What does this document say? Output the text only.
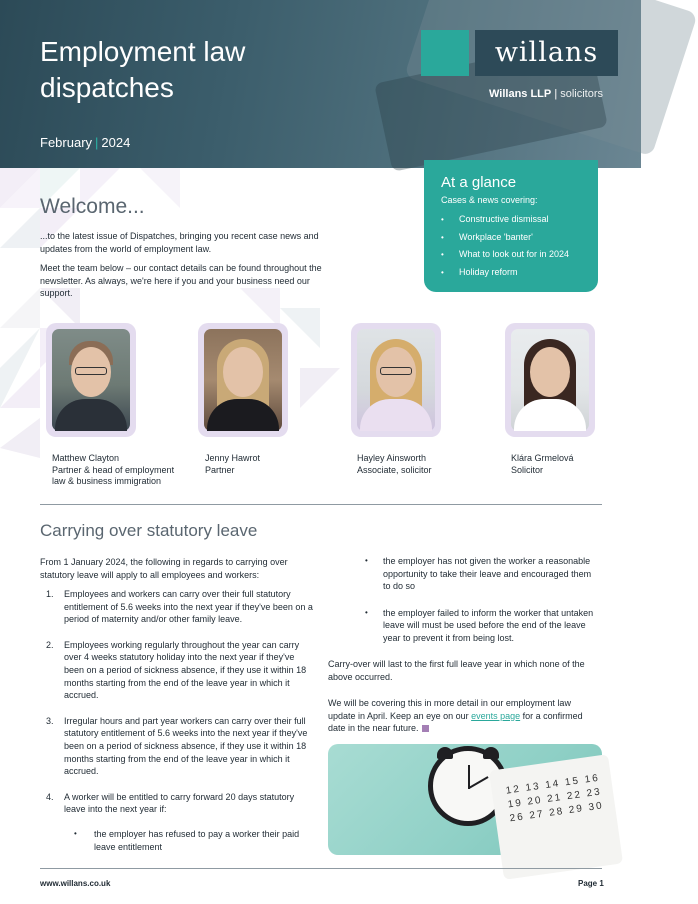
Employment law
dispatches
February | 2024
willans
Willans LLP | solicitors
At a glance
Cases & news covering:
• Constructive dismissal
• Workplace 'banter'
• What to look out for in 2024
• Holiday reform
Welcome...

...to the latest issue of Dispatches, bringing you recent case news and updates from the world of employment law.

Meet the team below – our contact details can be found throughout the newsletter. As always, we're here if you and your business need our support.

Matthew Clayton
Partner & head of employment law & business immigration
Jenny Hawrot
Partner
Hayley Ainsworth
Associate, solicitor
Klára Grmelová
Solicitor
Carrying over statutory leave

From 1 January 2024, the following in regards to carrying over statutory leave will apply to all employees and workers:

1. Employees and workers can carry over their full statutory entitlement of 5.6 weeks into the next year if they've been on a period of maternity and/or other family leave.
2. Employees working regularly throughout the year can carry over 4 weeks statutory holiday into the next year if they've been on a period of sickness absence, if they use it within 18 months starting from the end of the leave year in which it accrued.
3. Irregular hours and part year workers can carry over their full statutory entitlement of 5.6 weeks into the next year if they've been on a period of sickness absence, if they use it within 18 months starting from the end of the leave year in which it accrued.
4. A worker will be entitled to carry forward 20 days statutory leave into the next year if:
• the employer has refused to pay a worker their paid leave entitlement
• the employer has not given the worker a reasonable opportunity to take their leave and encouraged them to do so
• the employer failed to inform the worker that untaken leave will must be used before the end of the leave year to prevent it from being lost.

Carry-over will last to the first full leave year in which none of the above occurred.

We will be covering this in more detail in our employment law update in April. Keep an eye on our events page for a confirmed date in the near future.

12 13 14 15 16
19 20 21 22 23
26 27 28 29 30
www.willans.co.uk	Page 1
